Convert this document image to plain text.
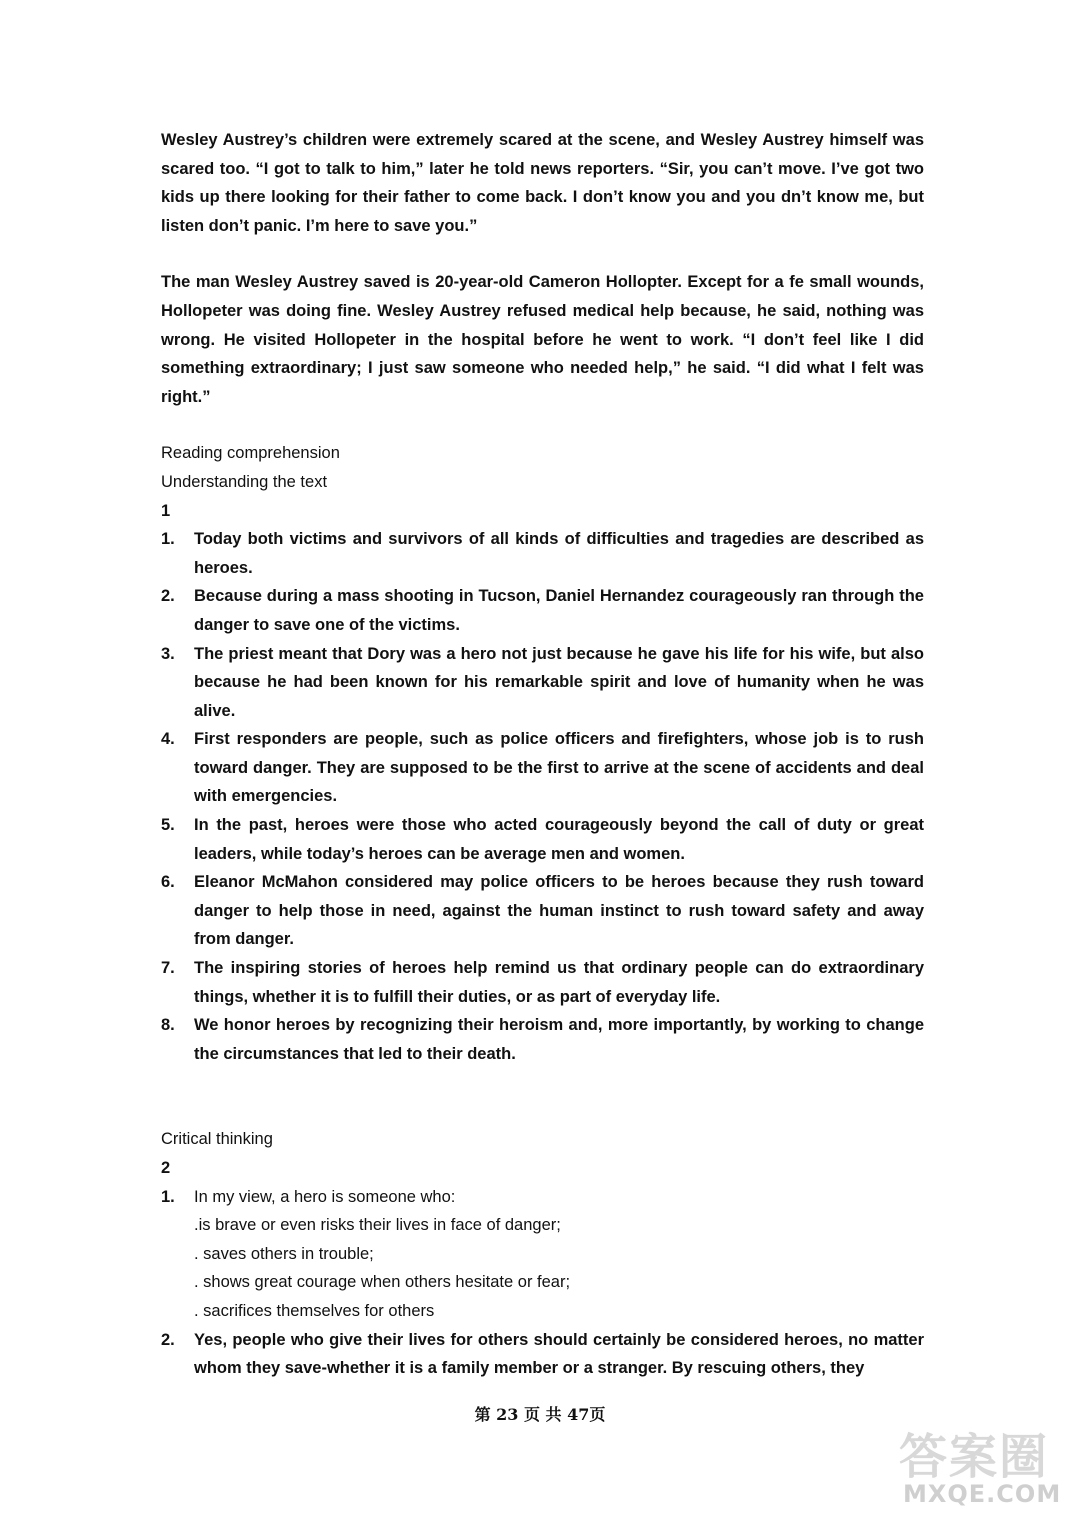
Wesley Austrey’s children were extremely scared at the scene, and Wesley Austrey himself was scared too. “I got to talk to him,” later he told news reporters. “Sir, you can’t move. I’ve got two kids up there looking for their father to come back. I don’t know you and you dn’t know me, but listen don’t panic. I’m here to save you.”

The man Wesley Austrey saved is 20-year-old Cameron Hollopter. Except for a fe small wounds, Hollopeter was doing fine. Wesley Austrey refused medical help because, he said, nothing was wrong. He visited Hollopeter in the hospital before he went to work. “I don’t feel like I did something extraordinary; I just saw someone who needed help,” he said. “I did what I felt was right.”

Reading comprehension

Understanding the text

1

1. Today both victims and survivors of all kinds of difficulties and tragedies are described as heroes.
2. Because during a mass shooting in Tucson, Daniel Hernandez courageously ran through the danger to save one of the victims.
3. The priest meant that Dory was a hero not just because he gave his life for his wife, but also because he had been known for his remarkable spirit and love of humanity when he was alive.
4. First responders are people, such as police officers and firefighters, whose job is to rush toward danger. They are supposed to be the first to arrive at the scene of accidents and deal with emergencies.
5. In the past, heroes were those who acted courageously beyond the call of duty or great leaders, while today’s heroes can be average men and women.
6. Eleanor McMahon considered may police officers to be heroes because they rush toward danger to help those in need, against the human instinct to rush toward safety and away from danger.
7. The inspiring stories of heroes help remind us that ordinary people can do extraordinary things, whether it is to fulfill their duties, or as part of everyday life.
8. We honor heroes by recognizing their heroism and, more importantly, by working to change the circumstances that led to their death.

Critical thinking

2

1. In my view, a hero is someone who:
.is brave or even risks their lives in face of danger;
. saves others in trouble;
. shows great courage when others hesitate or fear;
. sacrifices themselves for others
2. Yes, people who give their lives for others should certainly be considered heroes, no matter whom they save-whether it is a family member or a stranger. By rescuing others, they
第 23 页 共 47页
答案圈
MXQE.COM
